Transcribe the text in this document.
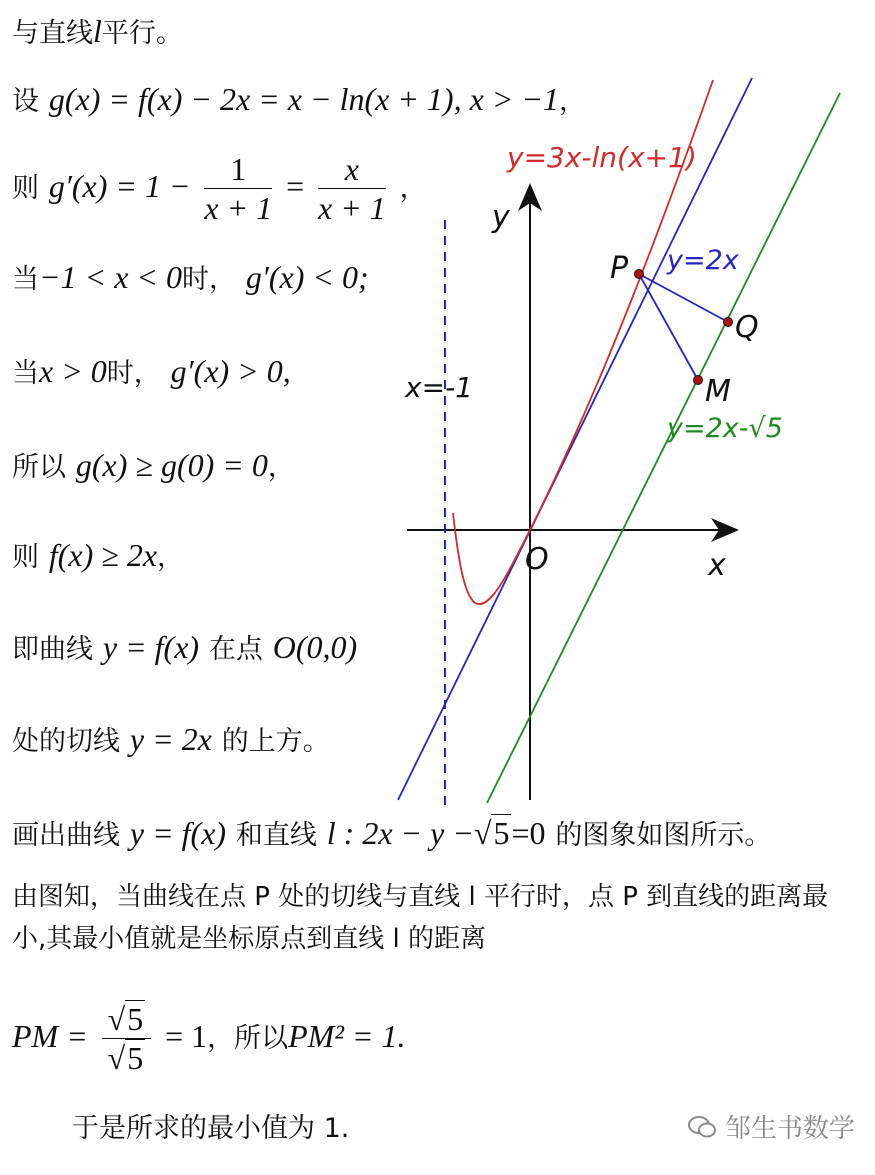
与直线l平行。
设 g(x) = f(x) − 2x = x − ln(x + 1), x > −1，
则 $g'(x) = 1 - \frac{1}{x + 1} = \frac{x}{x + 1}$ ，
当−1 < x < 0时， g′(x) < 0;
当x > 0时， g′(x) > 0,
所以 g(x) ≥ g(0) = 0，
则 f(x) ≥ 2x，
即曲线 y = f(x) 在点 O(0,0)
处的切线 y = 2x 的上方。
画出曲线 y = f(x) 和直线 l : 2x − y −√5=0 的图象如图所示。
由图知，当曲线在点 P 处的切线与直线 l 平行时，点 P 到直线的距离最小,其最小值就是坐标原点到直线 l 的距离
PM = $\frac{√5}{√5} = 1$，所以PM² = 1.
于是所求的最小值为 1.
y=3x-ln(x+1)
y=2x
y=2x-√5
x=-1
y
x
O
P
Q
M
邹生书数学
